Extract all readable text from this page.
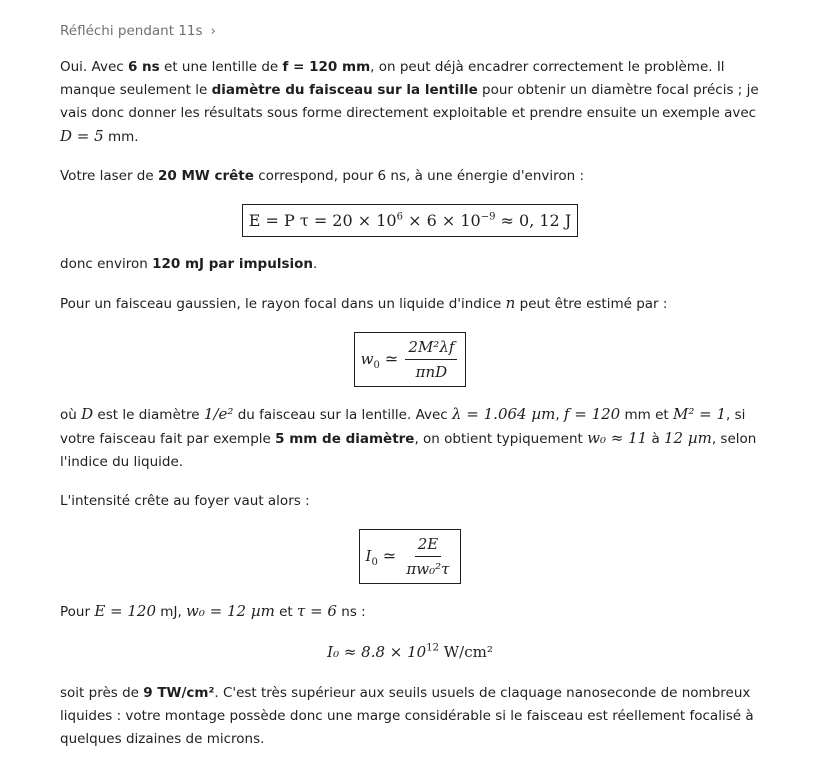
Réfléchi pendant 11s ›

Oui. Avec 6 ns et une lentille de f = 120 mm, on peut déjà encadrer correctement le problème. Il manque seulement le diamètre du faisceau sur la lentille pour obtenir un diamètre focal précis ; je vais donc donner les résultats sous forme directement exploitable et prendre ensuite un exemple avec D = 5 mm.

Votre laser de 20 MW crête correspond, pour 6 ns, à une énergie d'environ :

E = P $\tau = 20 \times 10^6 \times 6 \times 10^{-9} \approx 0$, 12 J

donc environ 120 mJ par impulsion.

Pour un faisceau gaussien, le rayon focal dans un liquide d'indice n peut être estimé par :

$w_0$ ≃ $\frac{\text{2M²λf}}{\text{πnD}}$

où D est le diamètre 1/e² du faisceau sur la lentille. Avec λ = 1.064 µm, f = 120 mm et M² = 1, si votre faisceau fait par exemple 5 mm de diamètre, on obtient typiquement w₀ ≈ 11 à 12 µm, selon l'indice du liquide.

L'intensité crête au foyer vaut alors :

$I_0$ ≃ $\frac{2E}{\text{πw₀²τ}}$

Pour E = 120 mJ, w₀ = 12 µm et τ = 6 ns :

$I_0 \approx 8.8 \times 10^{12}$ W/cm²

soit près de 9 TW/cm². C'est très supérieur aux seuils usuels de claquage nanoseconde de nombreux liquides : votre montage possède donc une marge considérable si le faisceau est réellement focalisé à quelques dizaines de microns.
